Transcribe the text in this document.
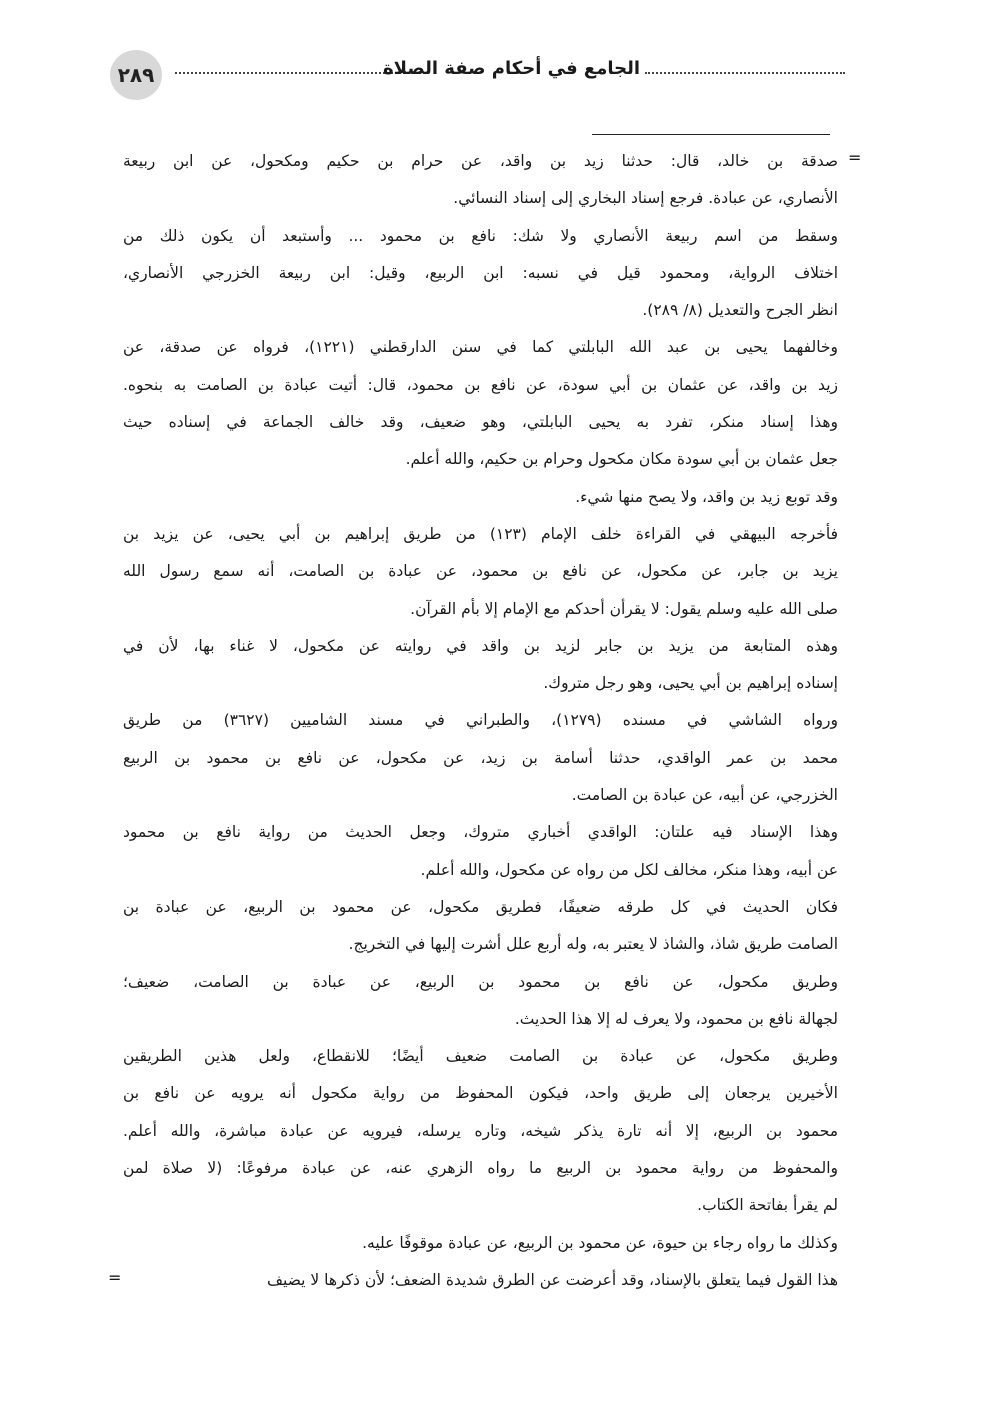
٢٨٩	الجامع في أحكام صفة الصلاة
=
=
صدقة بن خالد، قال: حدثنا زيد بن واقد، عن حرام بن حكيم ومكحول، عن ابن ربيعة
الأنصاري، عن عبادة. فرجع إسناد البخاري إلى إسناد النسائي.
وسقط من اسم ربيعة الأنصاري ولا شك: نافع بن محمود ... وأستبعد أن يكون ذلك من
اختلاف الرواية، ومحمود قيل في نسبه: ابن الربيع، وقيل: ابن ربيعة الخزرجي الأنصاري،
انظر الجرح والتعديل (٨/ ٢٨٩).
وخالفهما يحيى بن عبد الله البابلتي كما في سنن الدارقطني (١٢٢١)، فرواه عن صدقة، عن
زيد بن واقد، عن عثمان بن أبي سودة، عن نافع بن محمود، قال: أتيت عبادة بن الصامت به بنحوه.
وهذا إسناد منكر، تفرد به يحيى البابلتي، وهو ضعيف، وقد خالف الجماعة في إسناده حيث
جعل عثمان بن أبي سودة مكان مكحول وحرام بن حكيم، والله أعلم.
وقد توبع زيد بن واقد، ولا يصح منها شيء.
فأخرجه البيهقي في القراءة خلف الإمام (١٢٣) من طريق إبراهيم بن أبي يحيى، عن يزيد بن
يزيد بن جابر، عن مكحول، عن نافع بن محمود، عن عبادة بن الصامت، أنه سمع رسول الله
صلى الله عليه وسلم يقول: لا يقرأن أحدكم مع الإمام إلا بأم القرآن.
وهذه المتابعة من يزيد بن جابر لزيد بن واقد في روايته عن مكحول، لا غناء بها، لأن في
إسناده إبراهيم بن أبي يحيى، وهو رجل متروك.
ورواه الشاشي في مسنده (١٢٧٩)، والطبراني في مسند الشاميين (٣٦٢٧) من طريق
محمد بن عمر الواقدي، حدثنا أسامة بن زيد، عن مكحول، عن نافع بن محمود بن الربيع
الخزرجي، عن أبيه، عن عبادة بن الصامت.
وهذا الإسناد فيه علتان: الواقدي أخباري متروك، وجعل الحديث من رواية نافع بن محمود
عن أبيه، وهذا منكر، مخالف لكل من رواه عن مكحول، والله أعلم.
فكان الحديث في كل طرقه ضعيفًا، فطريق مكحول، عن محمود بن الربيع، عن عبادة بن
الصامت طريق شاذ، والشاذ لا يعتبر به، وله أربع علل أشرت إليها في التخريج.
وطريق مكحول، عن نافع بن محمود بن الربيع، عن عبادة بن الصامت، ضعيف؛
لجهالة نافع بن محمود، ولا يعرف له إلا هذا الحديث.
وطريق مكحول، عن عبادة بن الصامت ضعيف أيضًا؛ للانقطاع، ولعل هذين الطريقين
الأخيرين يرجعان إلى طريق واحد، فيكون المحفوظ من رواية مكحول أنه يرويه عن نافع بن
محمود بن الربيع، إلا أنه تارة يذكر شيخه، وتاره يرسله، فيرويه عن عبادة مباشرة، والله أعلم.
والمحفوظ من رواية محمود بن الربيع ما رواه الزهري عنه، عن عبادة مرفوعًا: (لا صلاة لمن
لم يقرأ بفاتحة الكتاب.
وكذلك ما رواه رجاء بن حيوة، عن محمود بن الربيع، عن عبادة موقوفًا عليه.
هذا القول فيما يتعلق بالإسناد، وقد أعرضت عن الطرق شديدة الضعف؛ لأن ذكرها لا يضيف
